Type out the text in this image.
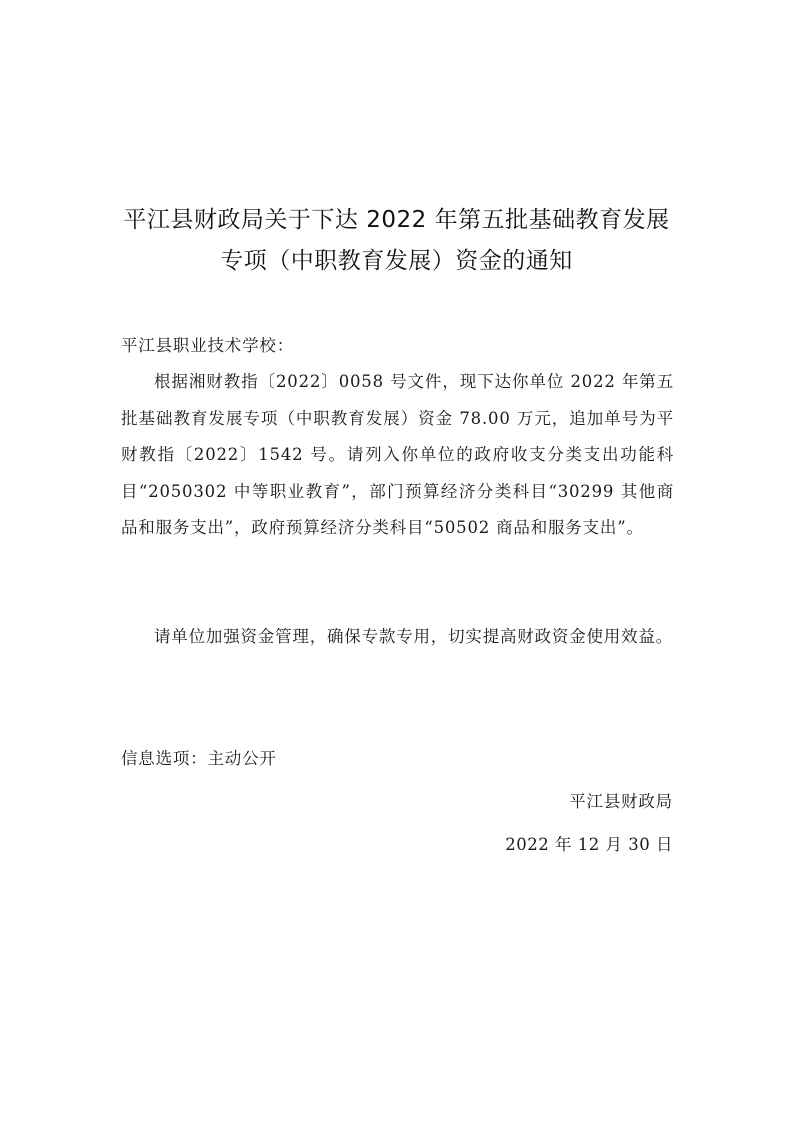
平江县财政局关于下达 2022 年第五批基础教育发展
专项（中职教育发展）资金的通知
平江县职业技术学校：

根据湘财教指〔2022〕0058 号文件，现下达你单位 2022 年第五批基础教育发展专项（中职教育发展）资金 78.00 万元，追加单号为平财教指〔2022〕1542 号。请列入你单位的政府收支分类支出功能科目“2050302 中等职业教育”，部门预算经济分类科目“30299 其他商品和服务支出”，政府预算经济分类科目“50502 商品和服务支出”。

请单位加强资金管理，确保专款专用，切实提高财政资金使用效益。

信息选项：主动公开
平江县财政局
2022 年 12 月 30 日
